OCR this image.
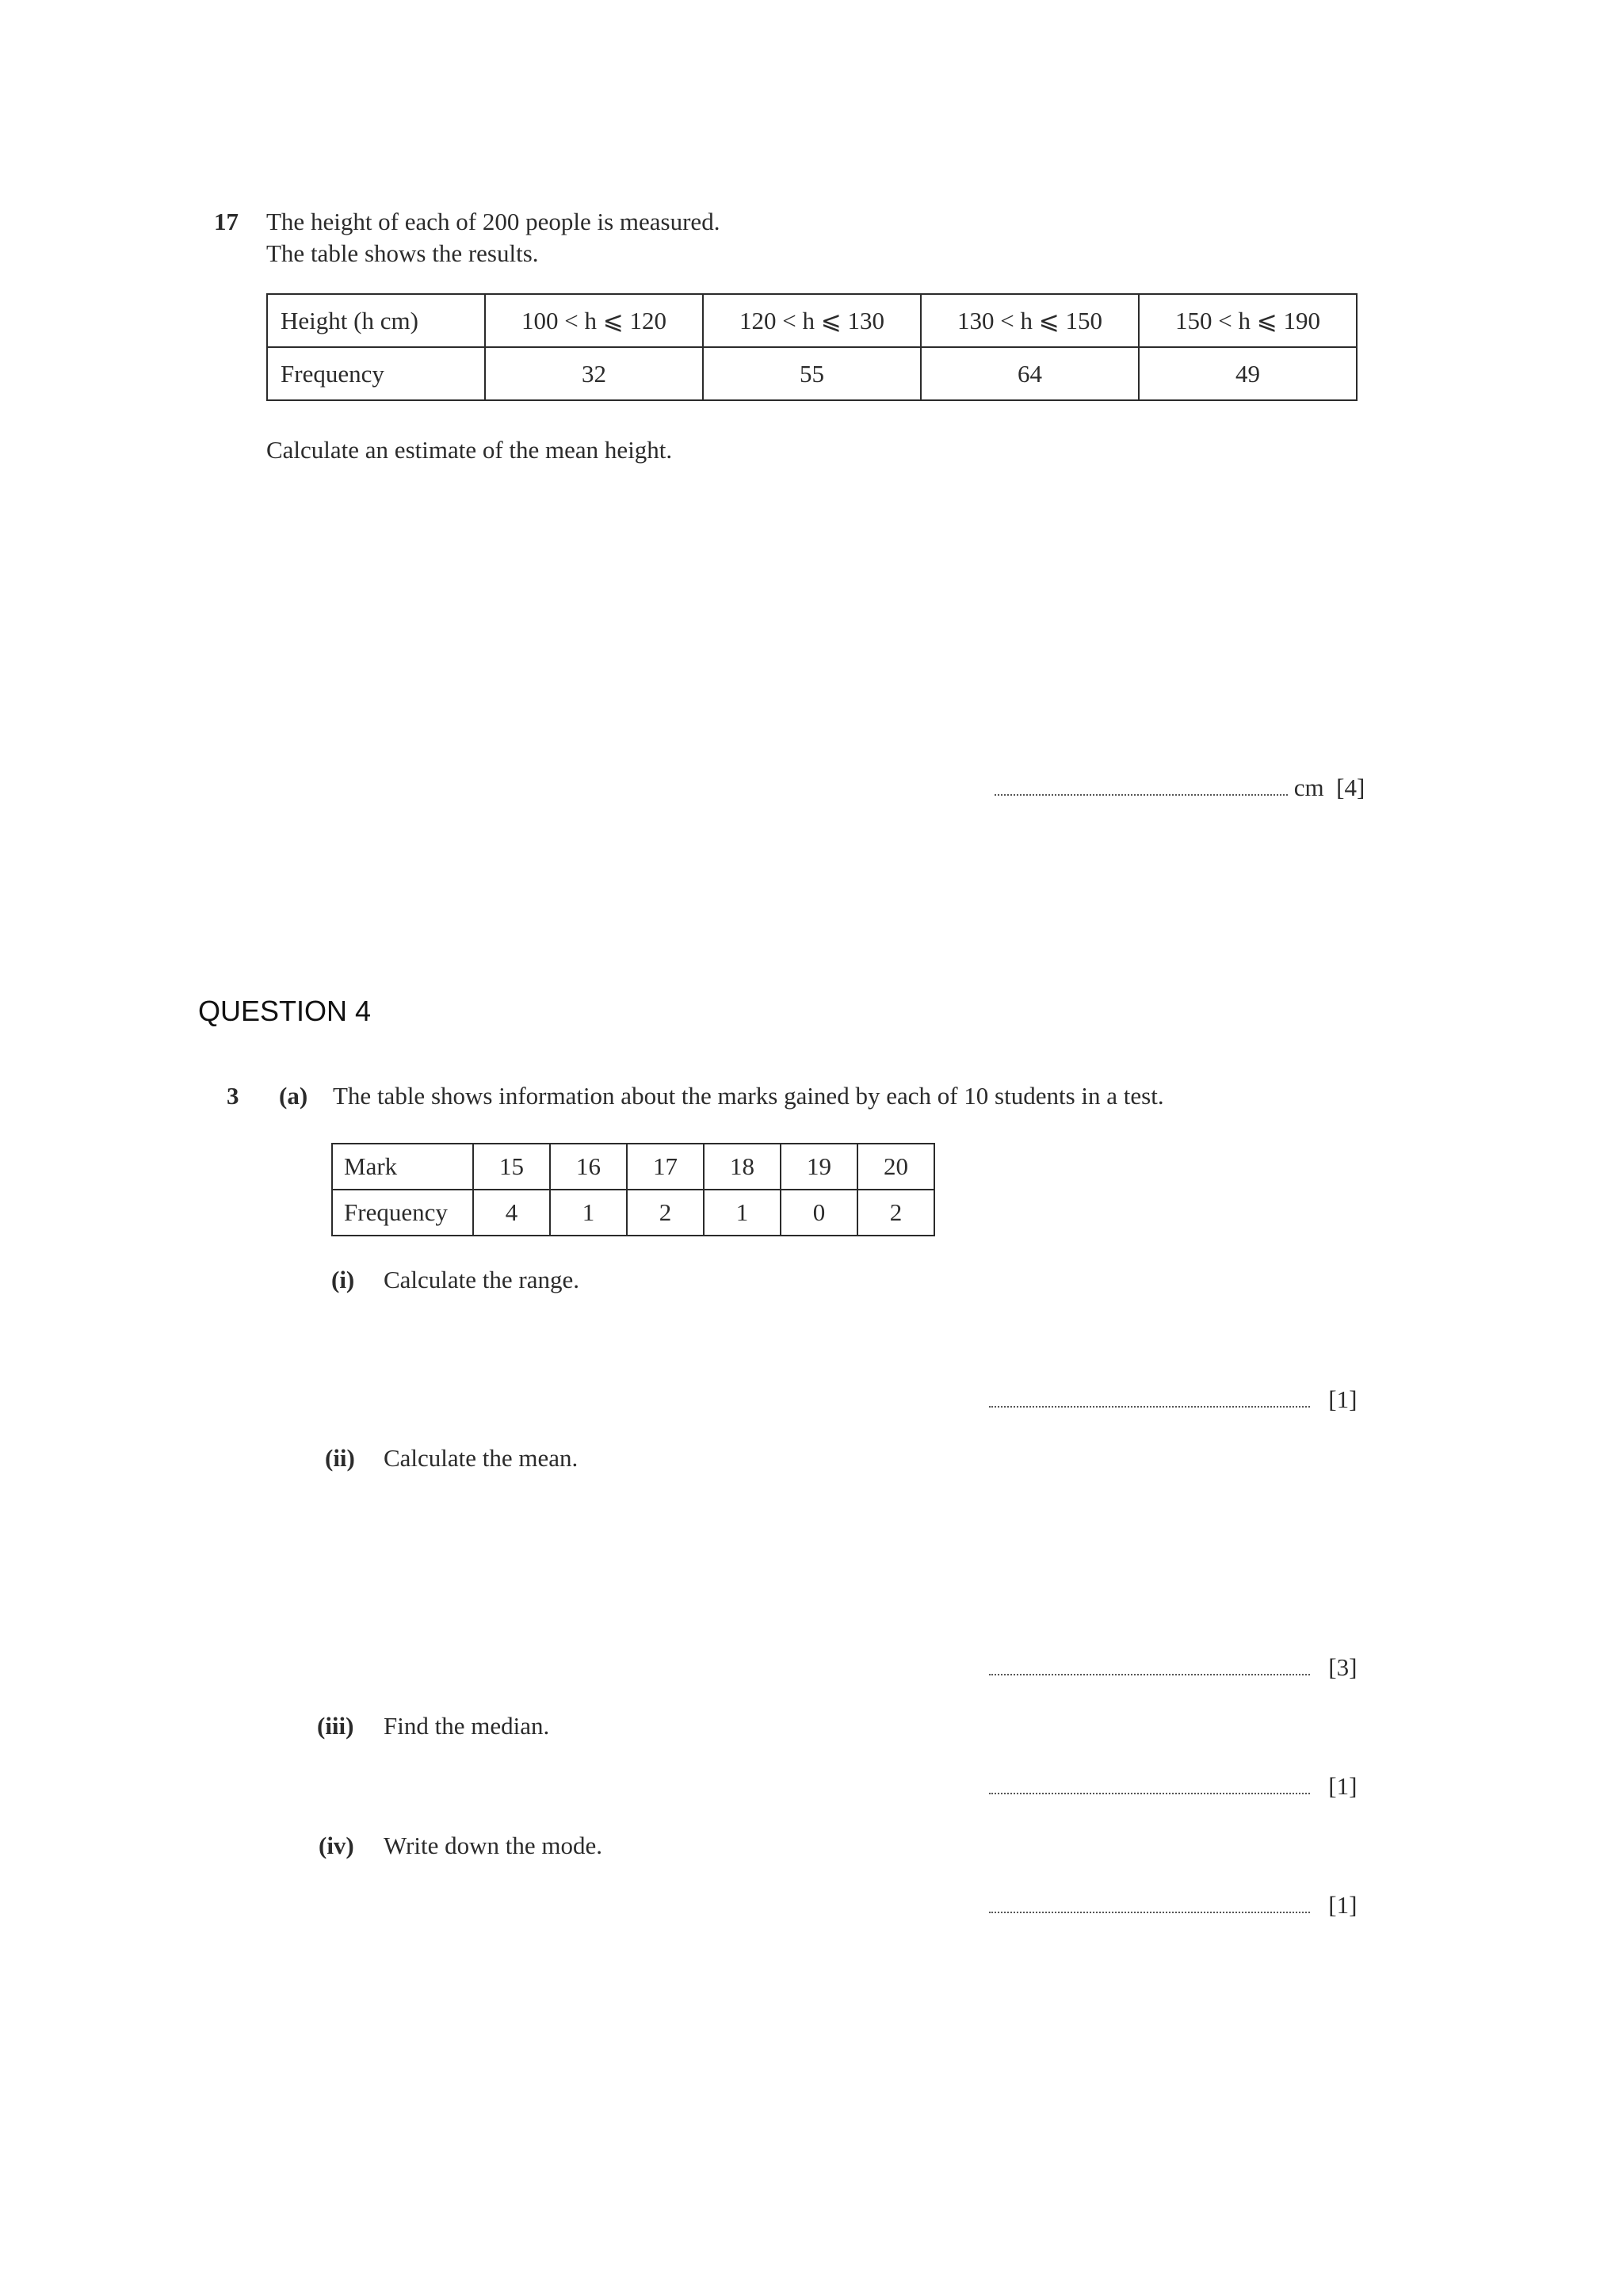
17 The height of each of 200 people is measured.
The table shows the results.
Height (h cm)	100 < h ⩽ 120	120 < h ⩽ 130	130 < h ⩽ 150	150 < h ⩽ 190
Frequency	32	55	64	49
Calculate an estimate of the mean height.
cm [4]
QUESTION 4
3 (a) The table shows information about the marks gained by each of 10 students in a test.
Mark	15	16	17	18	19	20
Frequency	4	1	2	1	0	2
(i) Calculate the range.
[1]
(ii) Calculate the mean.
[3]
(iii) Find the median.
[1]
(iv) Write down the mode.
[1]
